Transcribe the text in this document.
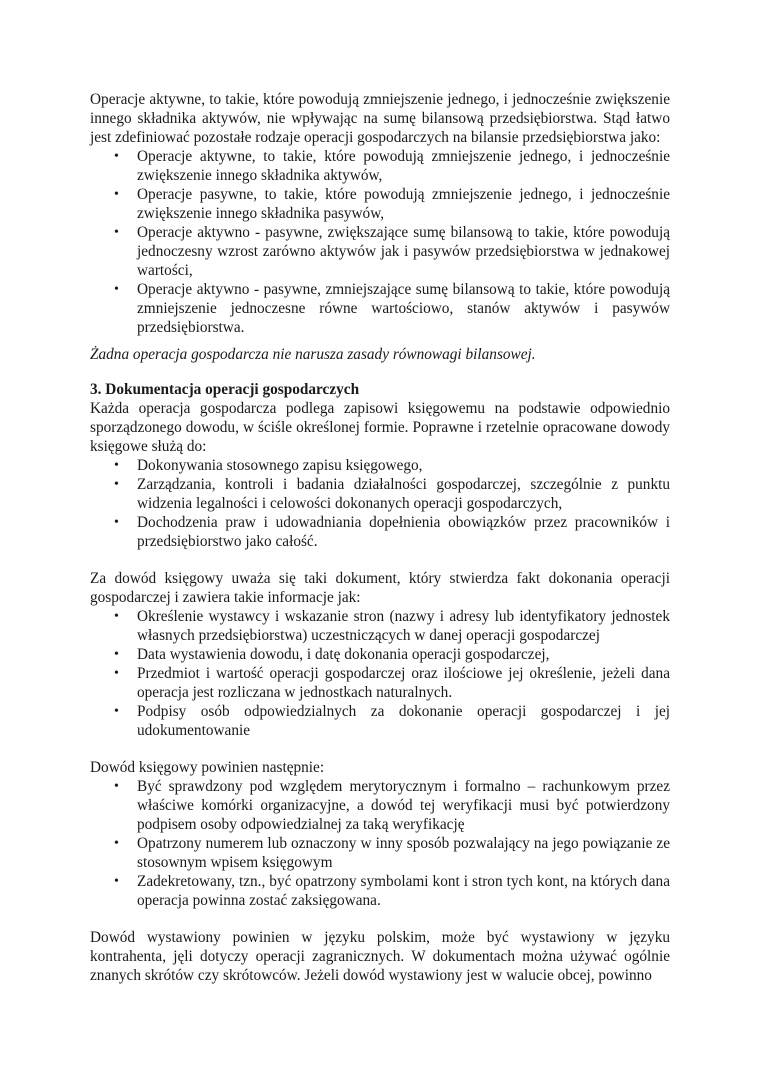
Operacje aktywne, to takie, które powodują zmniejszenie jednego, i jednocześnie zwiększenie
innego składnika aktywów, nie wpływając na sumę bilansową przedsiębiorstwa. Stąd łatwo
jest zdefiniować pozostałe rodzaje operacji gospodarczych na bilansie przedsiębiorstwa jako:
• Operacje aktywne, to takie, które powodują zmniejszenie jednego, i jednocześnie
zwiększenie innego składnika aktywów,
• Operacje pasywne, to takie, które powodują zmniejszenie jednego, i jednocześnie
zwiększenie innego składnika pasywów,
• Operacje aktywno - pasywne, zwiększające sumę bilansową to takie, które powodują
jednoczesny wzrost zarówno aktywów jak i pasywów przedsiębiorstwa w jednakowej
wartości,
• Operacje aktywno - pasywne, zmniejszające sumę bilansową to takie, które powodują
zmniejszenie jednoczesne równe wartościowo, stanów aktywów i pasywów
przedsiębiorstwa.
Żadna operacja gospodarcza nie narusza zasady równowagi bilansowej.
3. Dokumentacja operacji gospodarczych
Każda operacja gospodarcza podlega zapisowi księgowemu na podstawie odpowiednio
sporządzonego dowodu, w ściśle określonej formie. Poprawne i rzetelnie opracowane dowody
księgowe służą do:
• Dokonywania stosownego zapisu księgowego,
• Zarządzania, kontroli i badania działalności gospodarczej, szczególnie z punktu
widzenia legalności i celowości dokonanych operacji gospodarczych,
• Dochodzenia praw i udowadniania dopełnienia obowiązków przez pracowników i
przedsiębiorstwo jako całość.
Za dowód księgowy uważa się taki dokument, który stwierdza fakt dokonania operacji
gospodarczej i zawiera takie informacje jak:
• Określenie wystawcy i wskazanie stron (nazwy i adresy lub identyfikatory jednostek
własnych przedsiębiorstwa) uczestniczących w danej operacji gospodarczej
• Data wystawienia dowodu, i datę dokonania operacji gospodarczej,
• Przedmiot i wartość operacji gospodarczej oraz ilościowe jej określenie, jeżeli dana
operacja jest rozliczana w jednostkach naturalnych.
• Podpisy osób odpowiedzialnych za dokonanie operacji gospodarczej i jej
udokumentowanie
Dowód księgowy powinien następnie:
• Być sprawdzony pod względem merytorycznym i formalno – rachunkowym przez
właściwe komórki organizacyjne, a dowód tej weryfikacji musi być potwierdzony
podpisem osoby odpowiedzialnej za taką weryfikację
• Opatrzony numerem lub oznaczony w inny sposób pozwalający na jego powiązanie ze
stosownym wpisem księgowym
• Zadekretowany, tzn., być opatrzony symbolami kont i stron tych kont, na których dana
operacja powinna zostać zaksięgowana.
Dowód wystawiony powinien w języku polskim, może być wystawiony w języku
kontrahenta, jęli dotyczy operacji zagranicznych. W dokumentach można używać ogólnie
znanych skrótów czy skrótowców. Jeżeli dowód wystawiony jest w walucie obcej, powinno
